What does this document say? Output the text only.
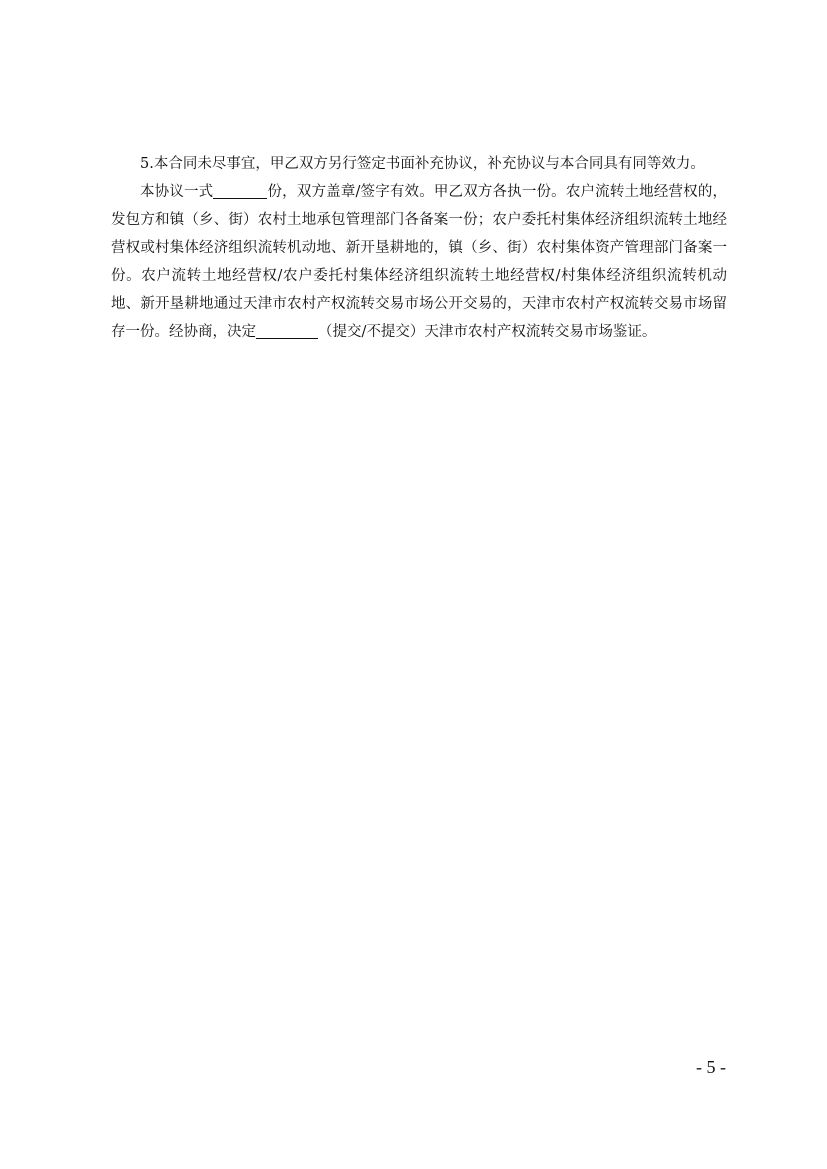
5.本合同未尽事宜，甲乙双方另行签定书面补充协议，补充协议与本合同具有同等效力。

本协议一式	份，双方盖章/签字有效。甲乙双方各执一份。农户流转土地经营权的，发包方和镇（乡、街）农村土地承包管理部门各备案一份；农户委托村集体经济组织流转土地经营权或村集体经济组织流转机动地、新开垦耕地的，镇（乡、街）农村集体资产管理部门备案一份。农户流转土地经营权/农户委托村集体经济组织流转土地经营权/村集体经济组织流转机动地、新开垦耕地通过天津市农村产权流转交易市场公开交易的，天津市农村产权流转交易市场留存一份。经协商，决定	（提交/不提交）天津市农村产权流转交易市场鉴证。

- 5 -
